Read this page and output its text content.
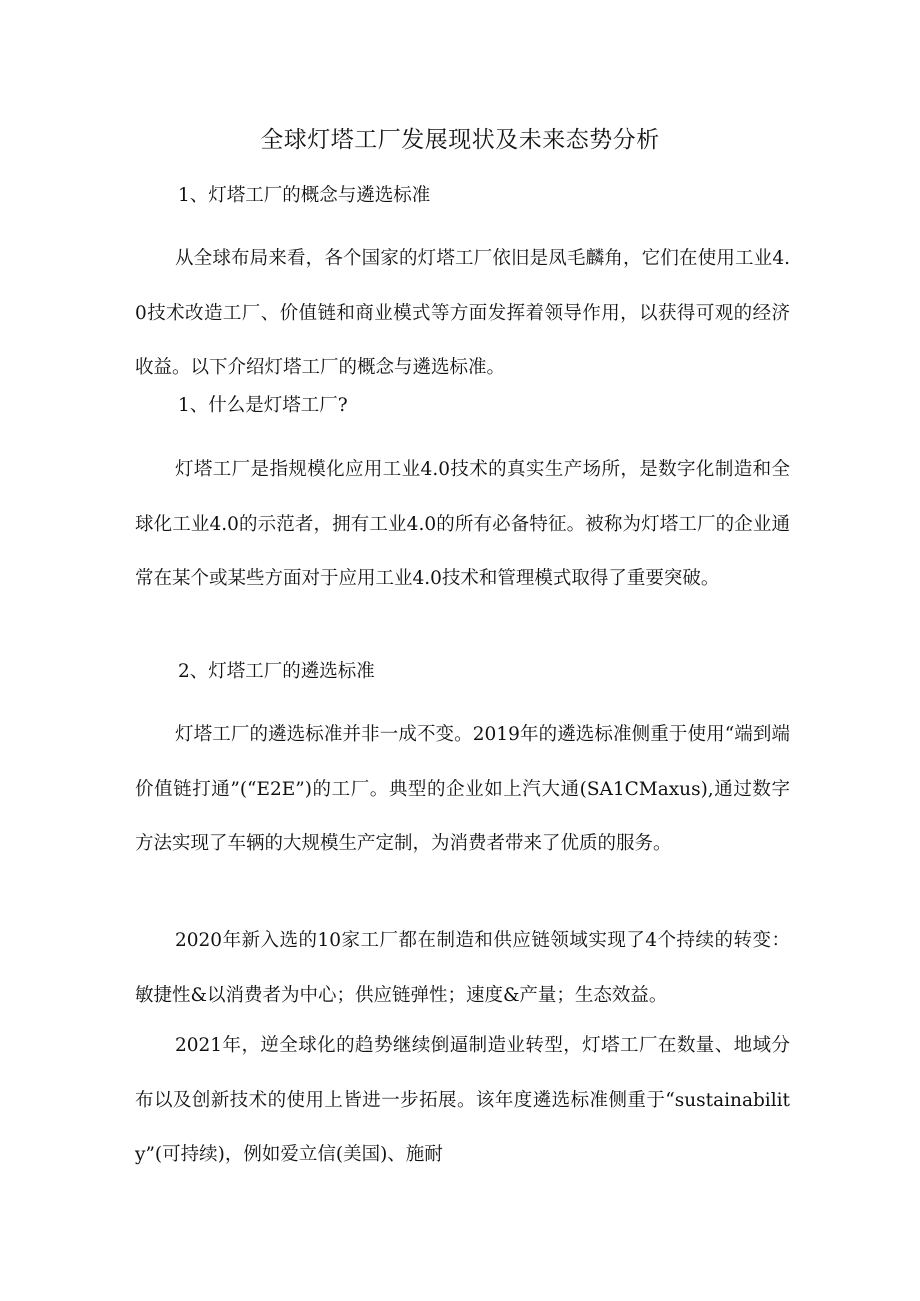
全球灯塔工厂发展现状及未来态势分析
1、灯塔工厂的概念与遴选标准
从全球布局来看，各个国家的灯塔工厂依旧是凤毛麟角，它们在使用工业4.0技术改造工厂、价值链和商业模式等方面发挥着领导作用，以获得可观的经济收益。以下介绍灯塔工厂的概念与遴选标准。
1、什么是灯塔工厂?
灯塔工厂是指规模化应用工业4.0技术的真实生产场所，是数字化制造和全球化工业4.0的示范者，拥有工业4.0的所有必备特征。被称为灯塔工厂的企业通常在某个或某些方面对于应用工业4.0技术和管理模式取得了重要突破。
2、灯塔工厂的遴选标准
灯塔工厂的遴选标准并非一成不变。2019年的遴选标准侧重于使用“端到端价值链打通”(“E2E”)的工厂。典型的企业如上汽大通(SA1CMaxus),通过数字方法实现了车辆的大规模生产定制，为消费者带来了优质的服务。
2020年新入选的10家工厂都在制造和供应链领域实现了4个持续的转变：敏捷性&以消费者为中心；供应链弹性；速度&产量；生态效益。
2021年，逆全球化的趋势继续倒逼制造业转型，灯塔工厂在数量、地域分布以及创新技术的使用上皆进一步拓展。该年度遴选标准侧重于“sustainability”(可持续)，例如爱立信(美国)、施耐
